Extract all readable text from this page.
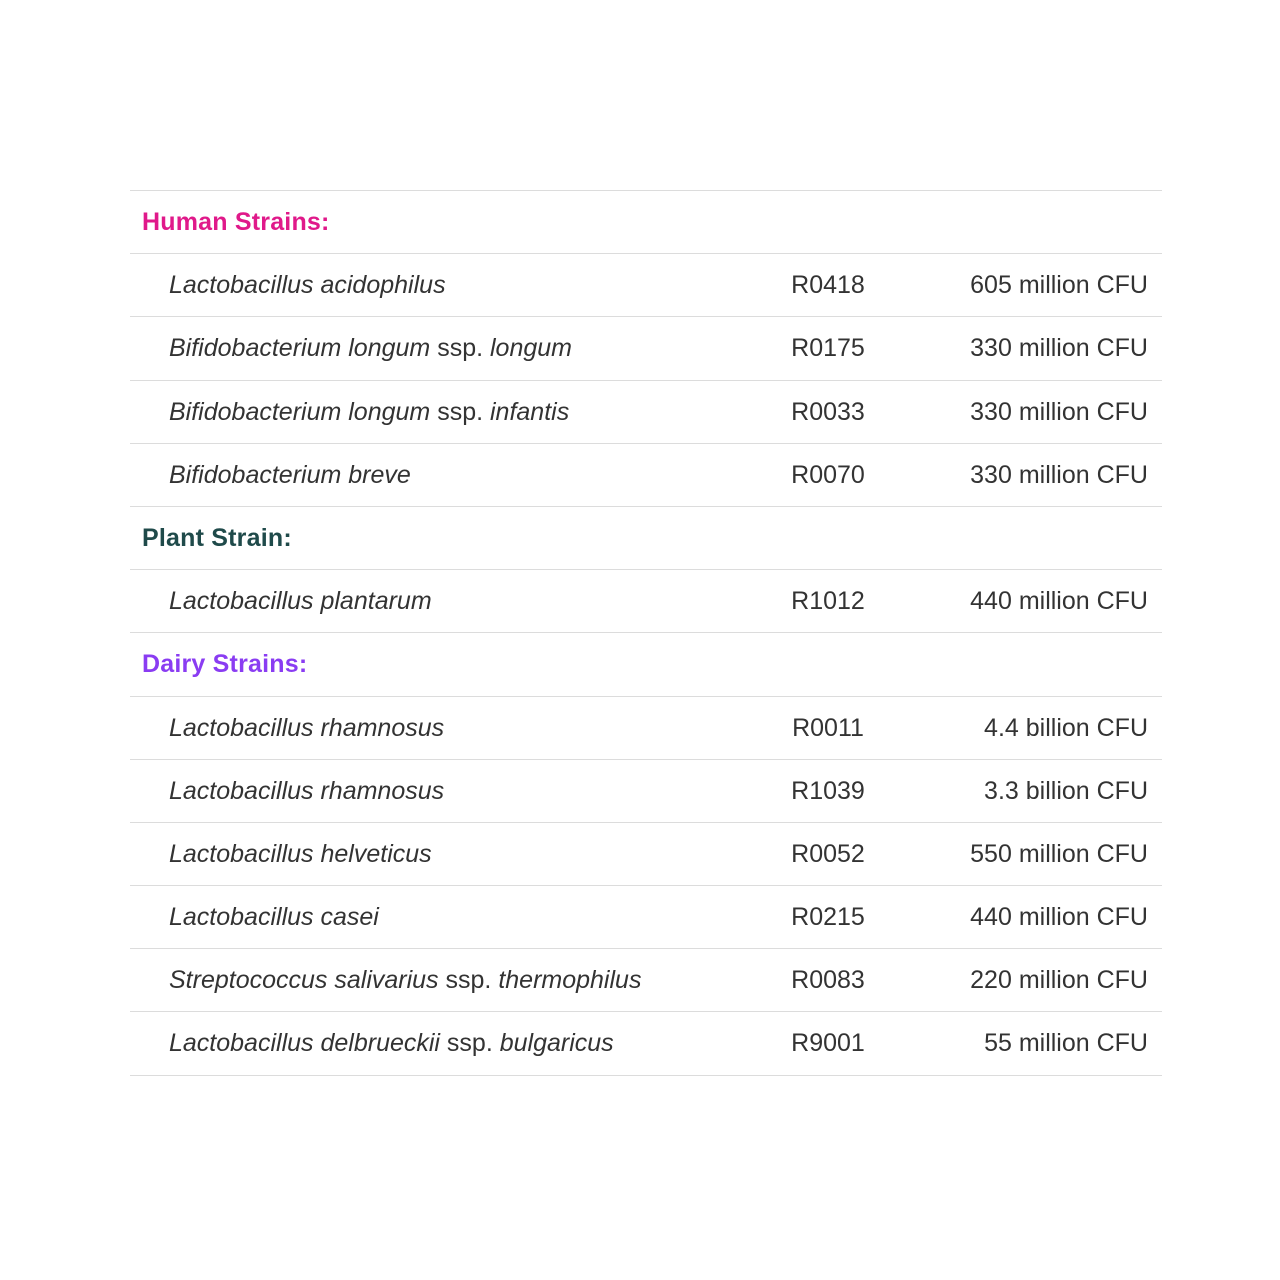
Human Strains:
Lactobacillus acidophilus	R0418	605 million CFU
Bifidobacterium longum ssp. longum	R0175	330 million CFU
Bifidobacterium longum ssp. infantis	R0033	330 million CFU
Bifidobacterium breve	R0070	330 million CFU
Plant Strain:
Lactobacillus plantarum	R1012	440 million CFU
Dairy Strains:
Lactobacillus rhamnosus	R0011	4.4 billion CFU
Lactobacillus rhamnosus	R1039	3.3 billion CFU
Lactobacillus helveticus	R0052	550 million CFU
Lactobacillus casei	R0215	440 million CFU
Streptococcus salivarius ssp. thermophilus	R0083	220 million CFU
Lactobacillus delbrueckii ssp. bulgaricus	R9001	55 million CFU
